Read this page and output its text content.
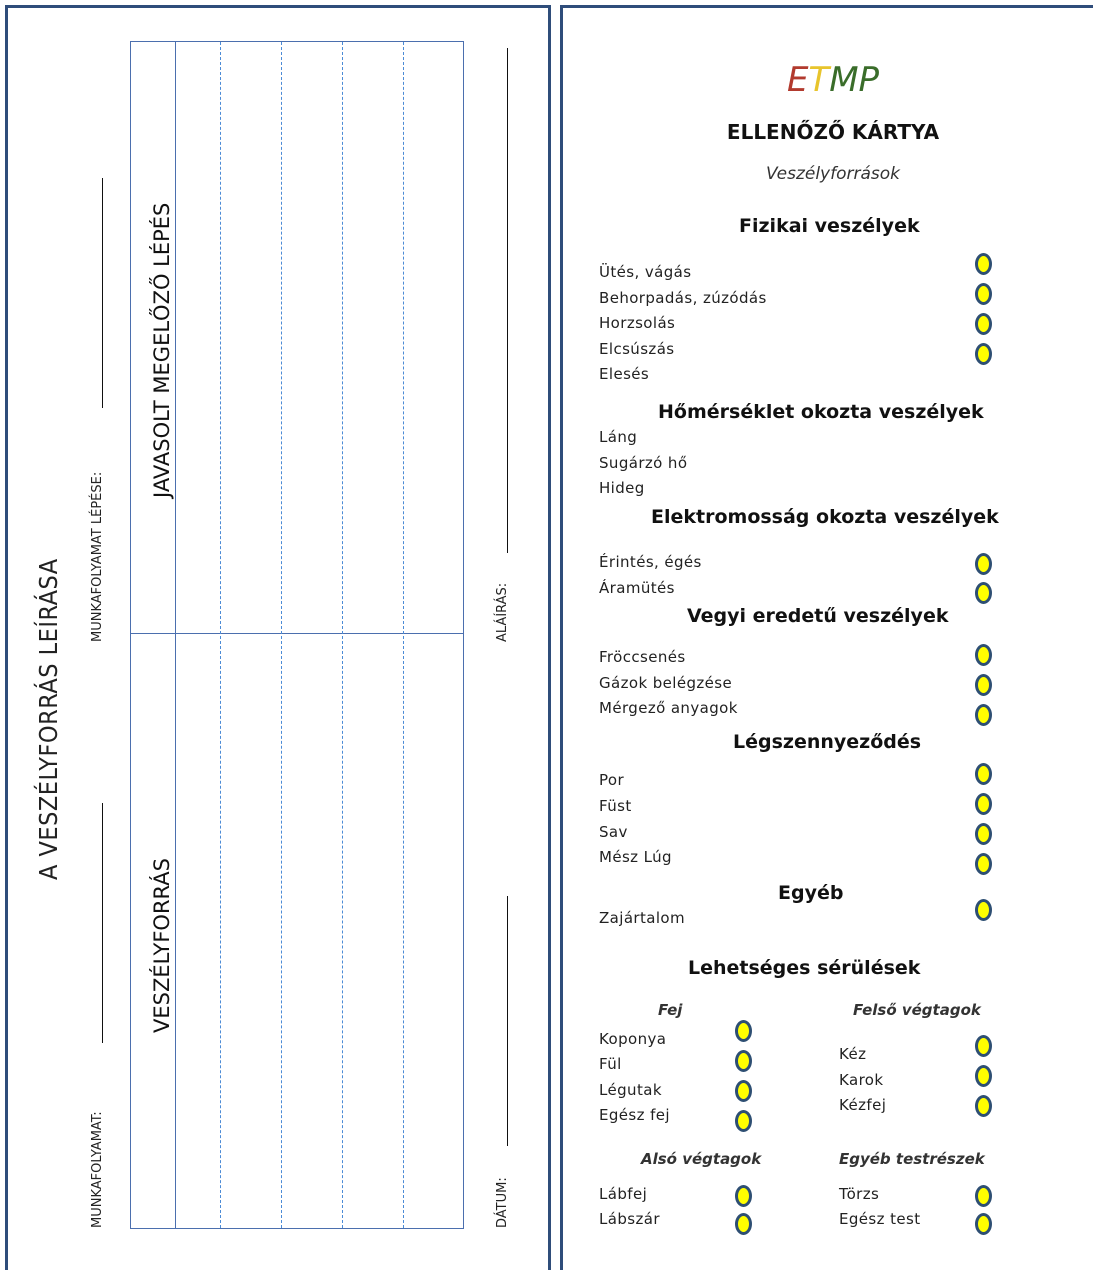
A VESZÉLYFORRÁS LEÍRÁSA
MUNKAFOLYAMAT LÉPÉSE:
MUNKAFOLYAMAT:
ALÁÍRÁS:
DÁTUM:
JAVASOLT MEGELŐZŐ LÉPÉS
VESZÉLYFORRÁS
ETMP
ELLENŐZŐ KÁRTYA
Veszélyforrások
Fizikai veszélyek
Ütés, vágás
Behorpadás, zúzódás
Horzsolás
Elcsúszás
Elesés
Hőmérséklet okozta veszélyek
Láng
Sugárzó hő
Hideg
Elektromosság okozta veszélyek
Érintés, égés
Áramütés
Vegyi eredetű veszélyek
Fröccsenés
Gázok belégzése
Mérgező anyagok
Légszennyeződés
Por
Füst
Sav
Mész Lúg
Egyéb
Zajártalom
Lehetséges sérülések
Fej
Koponya
Fül
Légutak
Egész fej
Felső végtagok
Kéz
Karok
Kézfej
Alsó végtagok
Lábfej
Lábszár
Egyéb testrészek
Törzs
Egész test
